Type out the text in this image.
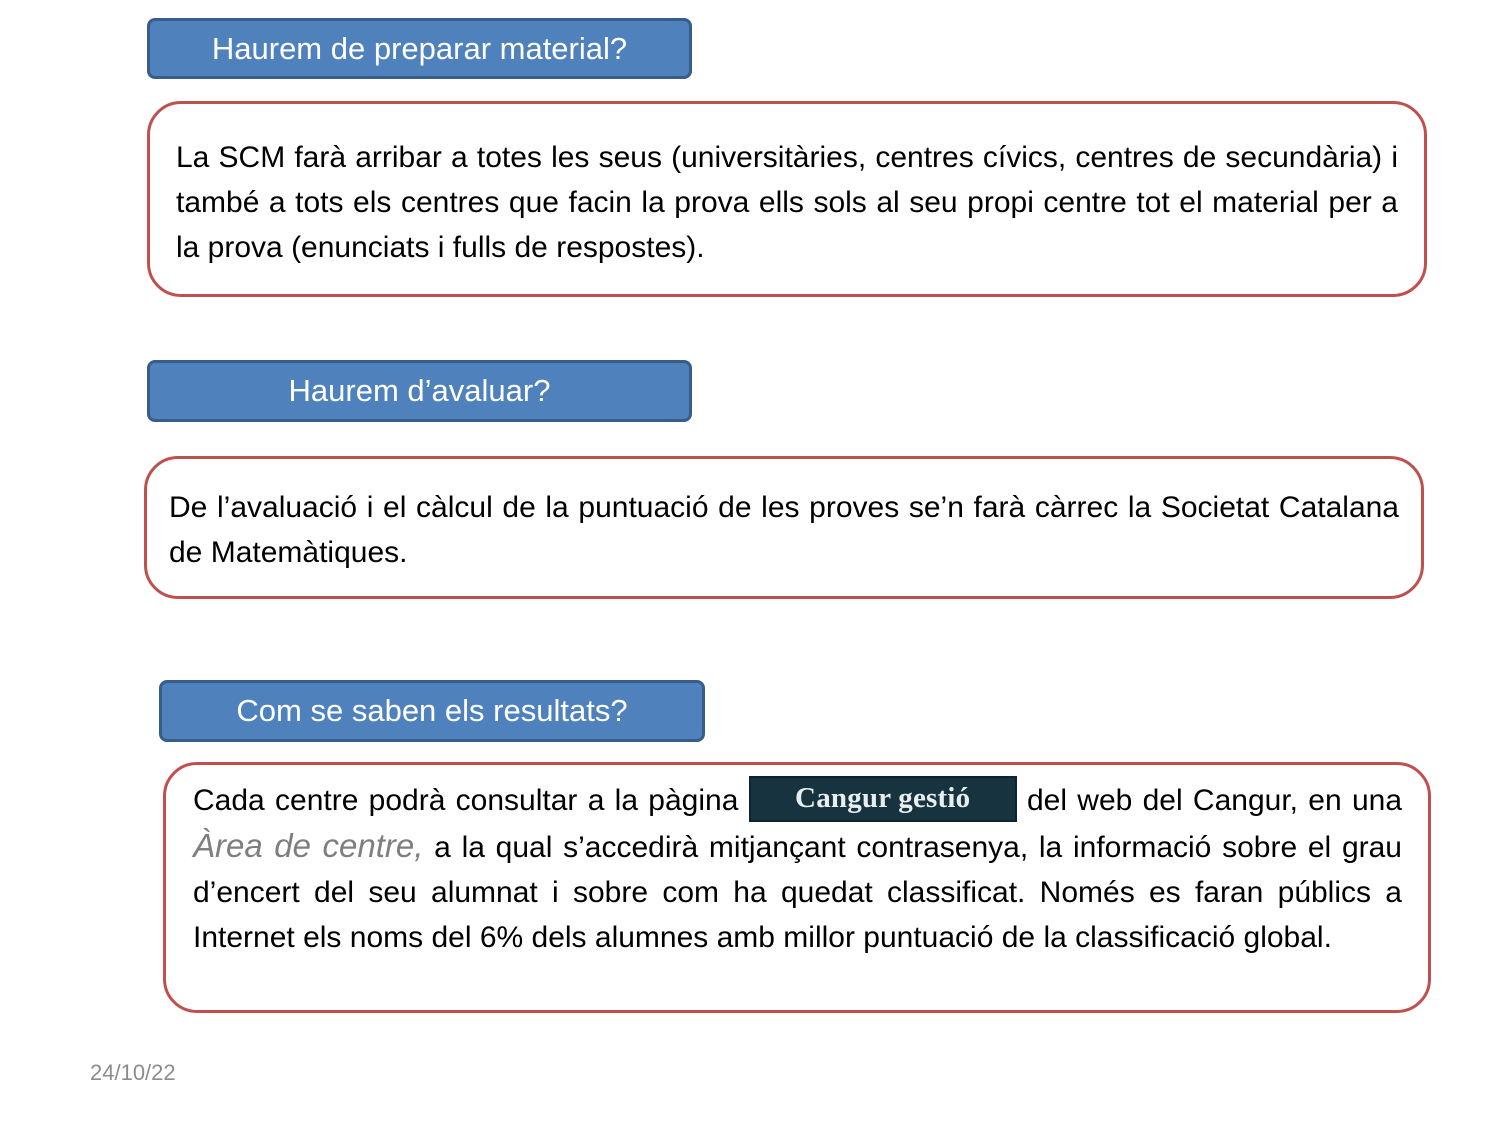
Haurem de preparar material?

La SCM farà arribar a totes les seus (universitàries, centres cívics, centres de secundària) i també a tots els centres que facin la prova ells sols al seu propi centre tot el material per a la prova (enunciats i fulls de respostes).

Haurem d’avaluar?

De l’avaluació i el càlcul de la puntuació de les proves se’n farà càrrec la Societat Catalana de Matemàtiques.

Com se saben els resultats?

Cada centre podrà consultar a la pàgina Cangur gestió del web del Cangur, en una Àrea de centre, a la qual s’accedirà mitjançant contrasenya, la informació sobre el grau d’encert del seu alumnat i sobre com ha quedat classificat. Només es faran públics a Internet els noms del 6% dels alumnes amb millor puntuació de la classificació global.

24/10/22
